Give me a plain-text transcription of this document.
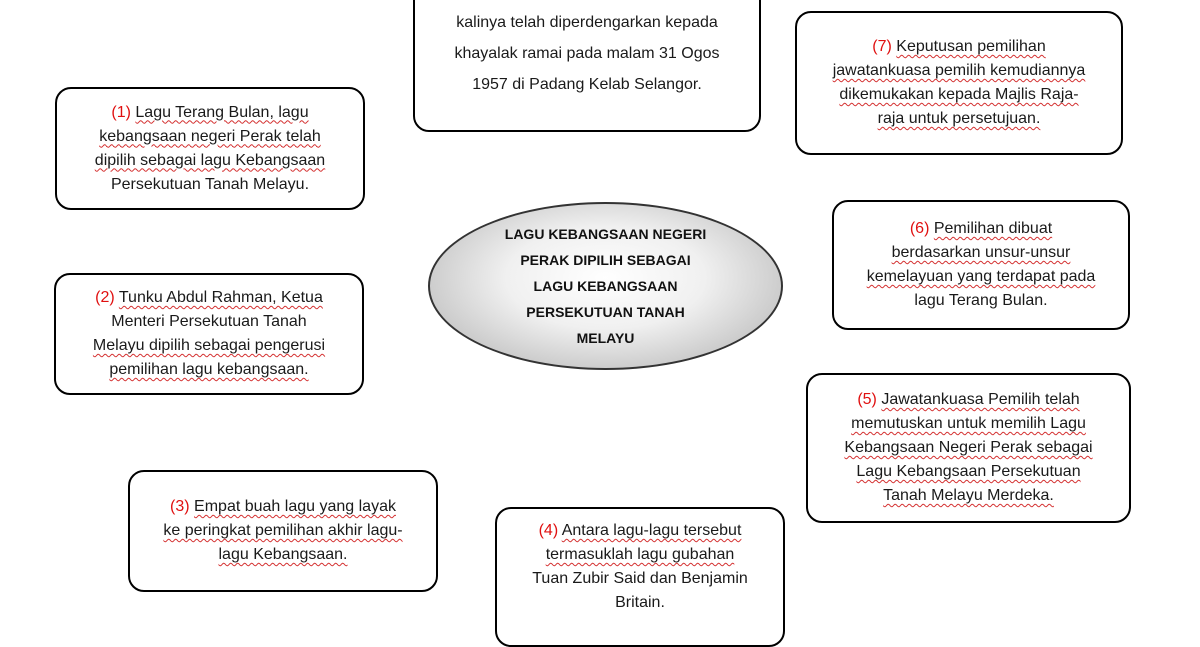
LAGU KEBANGSAAN NEGERI
PERAK DIPILIH SEBAGAI
LAGU KEBANGSAAN
PERSEKUTUAN TANAH
MELAYU
kalinya telah diperdengarkan kepada
khayalak ramai pada malam 31 Ogos
1957 di Padang Kelab Selangor.
(1) Lagu Terang Bulan, lagu
kebangsaan negeri Perak telah
dipilih sebagai lagu Kebangsaan
Persekutuan Tanah Melayu.
(2) Tunku Abdul Rahman, Ketua
Menteri Persekutuan Tanah
Melayu dipilih sebagai pengerusi
pemilihan lagu kebangsaan.
(3) Empat buah lagu yang layak
ke peringkat pemilihan akhir lagu-
lagu Kebangsaan.
(4) Antara lagu-lagu tersebut
termasuklah lagu gubahan
Tuan Zubir Said dan Benjamin
Britain.
(5) Jawatankuasa Pemilih telah
memutuskan untuk memilih Lagu
Kebangsaan Negeri Perak sebagai
Lagu Kebangsaan Persekutuan
Tanah Melayu Merdeka.
(6) Pemilihan dibuat
berdasarkan unsur-unsur
kemelayuan yang terdapat pada
lagu Terang Bulan.
(7) Keputusan pemilihan
jawatankuasa pemilih kemudiannya
dikemukakan kepada Majlis Raja-
raja untuk persetujuan.
